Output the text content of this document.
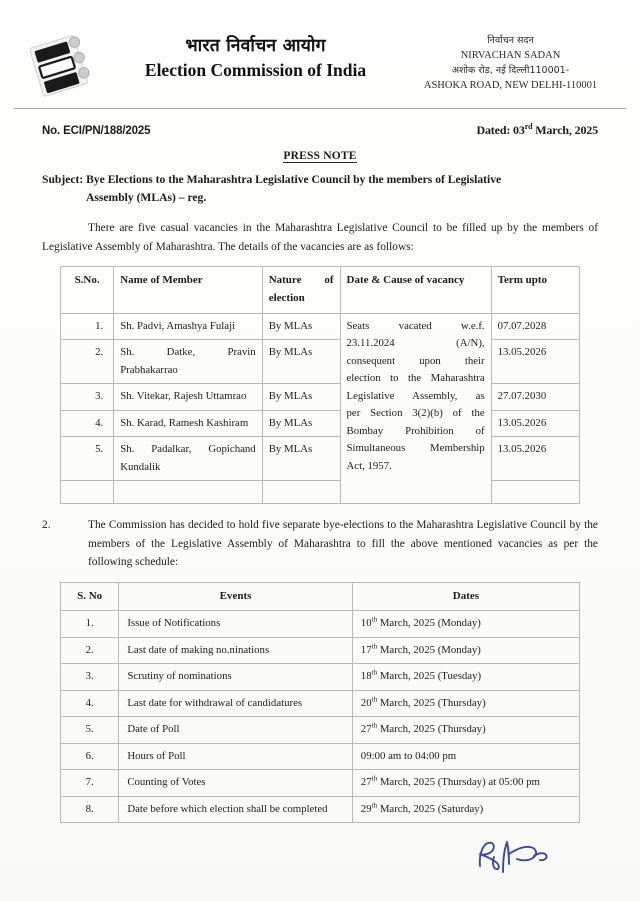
भारत निर्वाचन आयोग
Election Commission of India
निर्वाचन सदन
NIRVACHAN SADAN
अशोक रोड, नई दिल्ली110001-
ASHOKA ROAD, NEW DELHI-110001
No. ECI/PN/188/2025	Dated: 03rd March, 2025
PRESS NOTE
Subject: Bye Elections to the Maharashtra Legislative Council by the members of Legislative
Assembly (MLAs) – reg.
There are five casual vacancies in the Maharashtra Legislative Council to be filled up by the members of Legislative Assembly of Maharashtra. The details of the vacancies are as follows:
S.No.	Name of Member	Nature of
election	Date & Cause of vacancy	Term upto
1.	Sh. Padvi, Amashya Fulaji	By MLAs	Seats vacated w.e.f.
23.11.2024 (A/N),
consequent upon their
election to the Maharashtra
Legislative Assembly, as
per Section 3(2)(b) of the
Bombay Prohibition of
Simultaneous Membership
Act, 1957.	07.07.2028
2.	Sh. Datke, Pravin
Prabhakarrao	By MLAs		13.05.2026
3.	Sh. Vitekar, Rajesh Uttamrao	By MLAs		27.07.2030
4.	Sh. Karad, Ramesh Kashiram	By MLAs		13.05.2026
5.	Sh. Padalkar, Gopichand
Kundalik	By MLAs		13.05.2026

2.	The Commission has decided to hold five separate bye-elections to the Maharashtra Legislative Council by the members of the Legislative Assembly of Maharashtra to fill the above mentioned vacancies as per the following schedule:
S. No	Events	Dates
1.	Issue of Notifications	10th March, 2025 (Monday)
2.	Last date of making no.ninations	17th March, 2025 (Monday)
3.	Scrutiny of nominations	18th March, 2025 (Tuesday)
4.	Last date for withdrawal of candidatures	20th March, 2025 (Thursday)
5.	Date of Poll	27th March, 2025 (Thursday)
6.	Hours of Poll	09:00 am to 04:00 pm
7.	Counting of Votes	27th March, 2025 (Thursday) at 05:00 pm
8.	Date before which election shall be completed	29th March, 2025 (Saturday)
